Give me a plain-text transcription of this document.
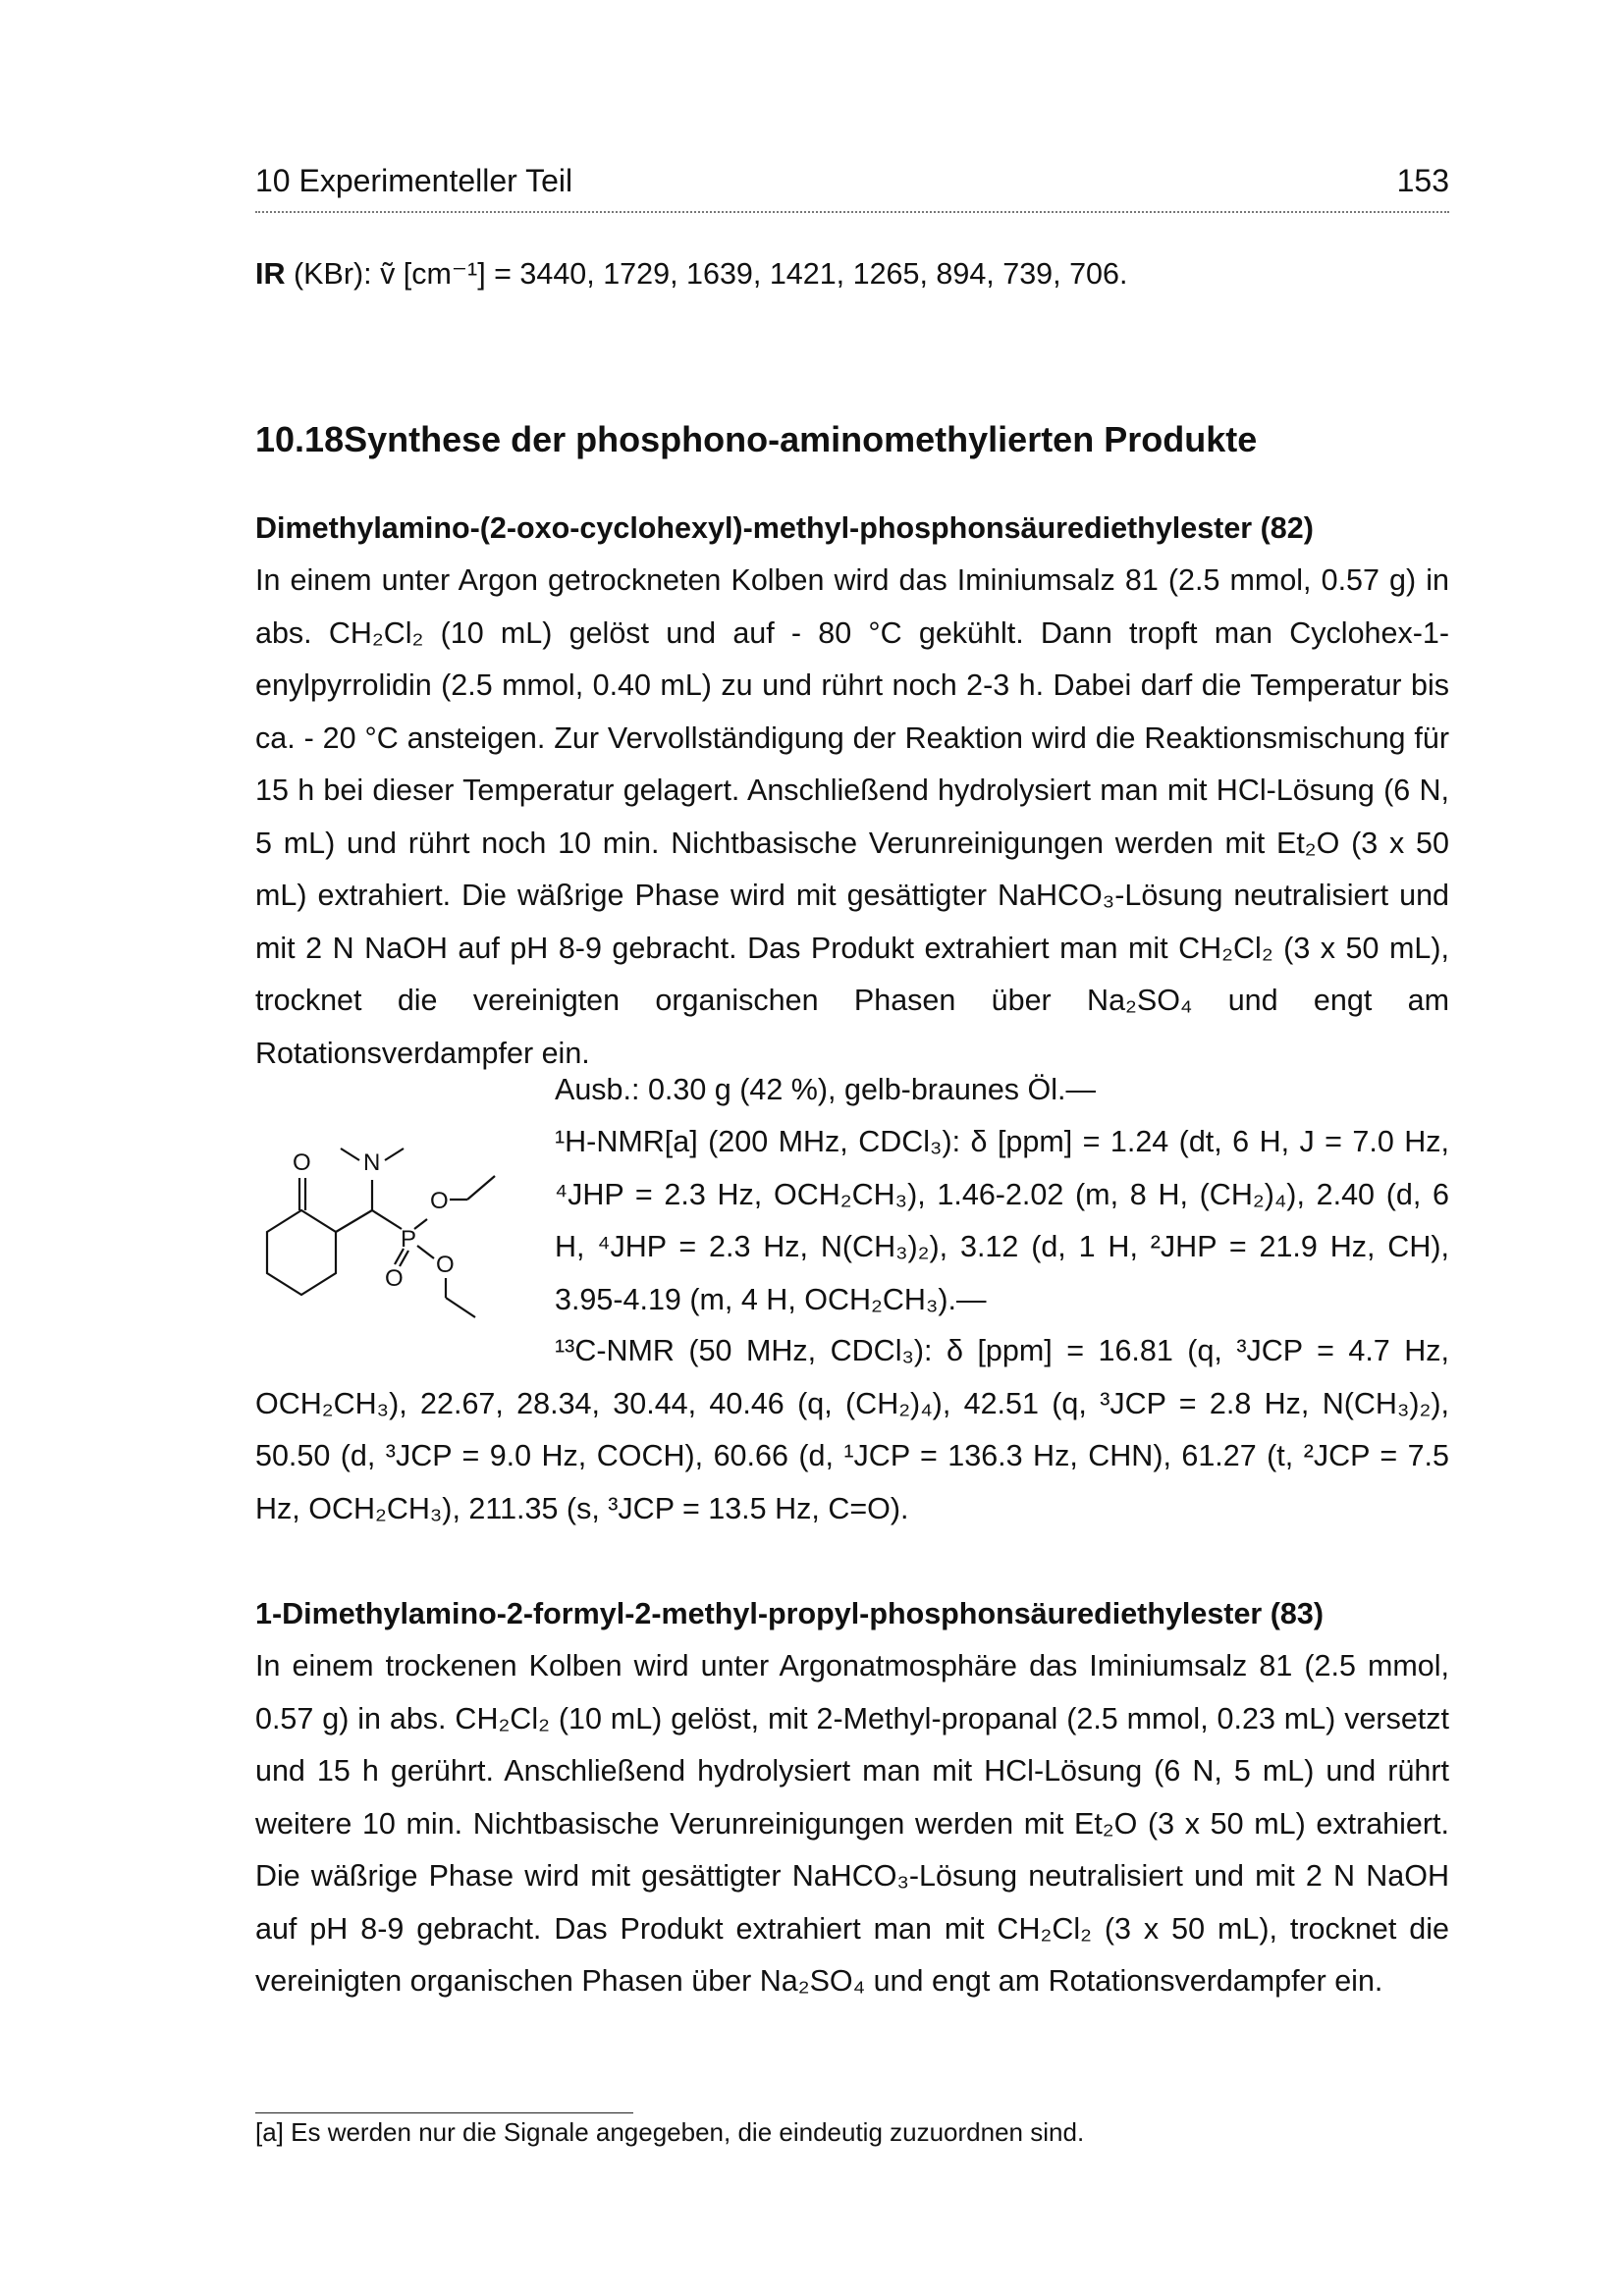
10 Experimenteller Teil	153
IR (KBr): ṽ [cm⁻¹] = 3440, 1729, 1639, 1421, 1265, 894, 739, 706.
10.18Synthese der phosphono-aminomethylierten Produkte
Dimethylamino-(2-oxo-cyclohexyl)-methyl-phosphonsäurediethylester (82)
In einem unter Argon getrockneten Kolben wird das Iminiumsalz 81 (2.5 mmol, 0.57 g) in abs. CH₂Cl₂ (10 mL) gelöst und auf - 80 °C gekühlt. Dann tropft man Cyclohex-1-enylpyrrolidin (2.5 mmol, 0.40 mL) zu und rührt noch 2-3 h. Dabei darf die Temperatur bis ca. - 20 °C ansteigen. Zur Vervollständigung der Reaktion wird die Reaktionsmischung für 15 h bei dieser Temperatur gelagert. Anschließend hydrolysiert man mit HCl-Lösung (6 N, 5 mL) und rührt noch 10 min. Nichtbasische Verunreinigungen werden mit Et₂O (3 x 50 mL) extrahiert. Die wäßrige Phase wird mit gesättigter NaHCO₃-Lösung neutralisiert und mit 2 N NaOH auf pH 8-9 gebracht. Das Produkt extrahiert man mit CH₂Cl₂ (3 x 50 mL), trocknet die vereinigten organischen Phasen über Na₂SO₄ und engt am Rotationsverdampfer ein.
O N
O
P
O
O
Ausb.: 0.30 g (42 %), gelb-braunes Öl.—
¹H-NMR[a] (200 MHz, CDCl₃): δ [ppm] = 1.24 (dt, 6 H, J = 7.0 Hz, ⁴JHP = 2.3 Hz, OCH₂CH₃), 1.46-2.02 (m, 8 H, (CH₂)₄), 2.40 (d, 6 H, ⁴JHP = 2.3 Hz, N(CH₃)₂), 3.12 (d, 1 H, ²JHP = 21.9 Hz, CH), 3.95-4.19 (m, 4 H, OCH₂CH₃).—
¹³C-NMR (50 MHz, CDCl₃): δ [ppm] = 16.81 (q, ³JCP = 4.7 Hz, OCH₂CH₃), 22.67, 28.34, 30.44, 40.46 (q, (CH₂)₄), 42.51 (q, ³JCP = 2.8 Hz, N(CH₃)₂), 50.50 (d, ³JCP = 9.0 Hz, COCH), 60.66 (d, ¹JCP = 136.3 Hz, CHN), 61.27 (t, ²JCP = 7.5 Hz, OCH₂CH₃), 211.35 (s, ³JCP = 13.5 Hz, C=O).
1-Dimethylamino-2-formyl-2-methyl-propyl-phosphonsäurediethylester (83)
In einem trockenen Kolben wird unter Argonatmosphäre das Iminiumsalz 81 (2.5 mmol, 0.57 g) in abs. CH₂Cl₂ (10 mL) gelöst, mit 2-Methyl-propanal (2.5 mmol, 0.23 mL) versetzt und 15 h gerührt. Anschließend hydrolysiert man mit HCl-Lösung (6 N, 5 mL) und rührt weitere 10 min. Nichtbasische Verunreinigungen werden mit Et₂O (3 x 50 mL) extrahiert. Die wäßrige Phase wird mit gesättigter NaHCO₃-Lösung neutralisiert und mit 2 N NaOH auf pH 8-9 gebracht. Das Produkt extrahiert man mit CH₂Cl₂ (3 x 50 mL), trocknet die vereinigten organischen Phasen über Na₂SO₄ und engt am Rotationsverdampfer ein.
[a] Es werden nur die Signale angegeben, die eindeutig zuzuordnen sind.
